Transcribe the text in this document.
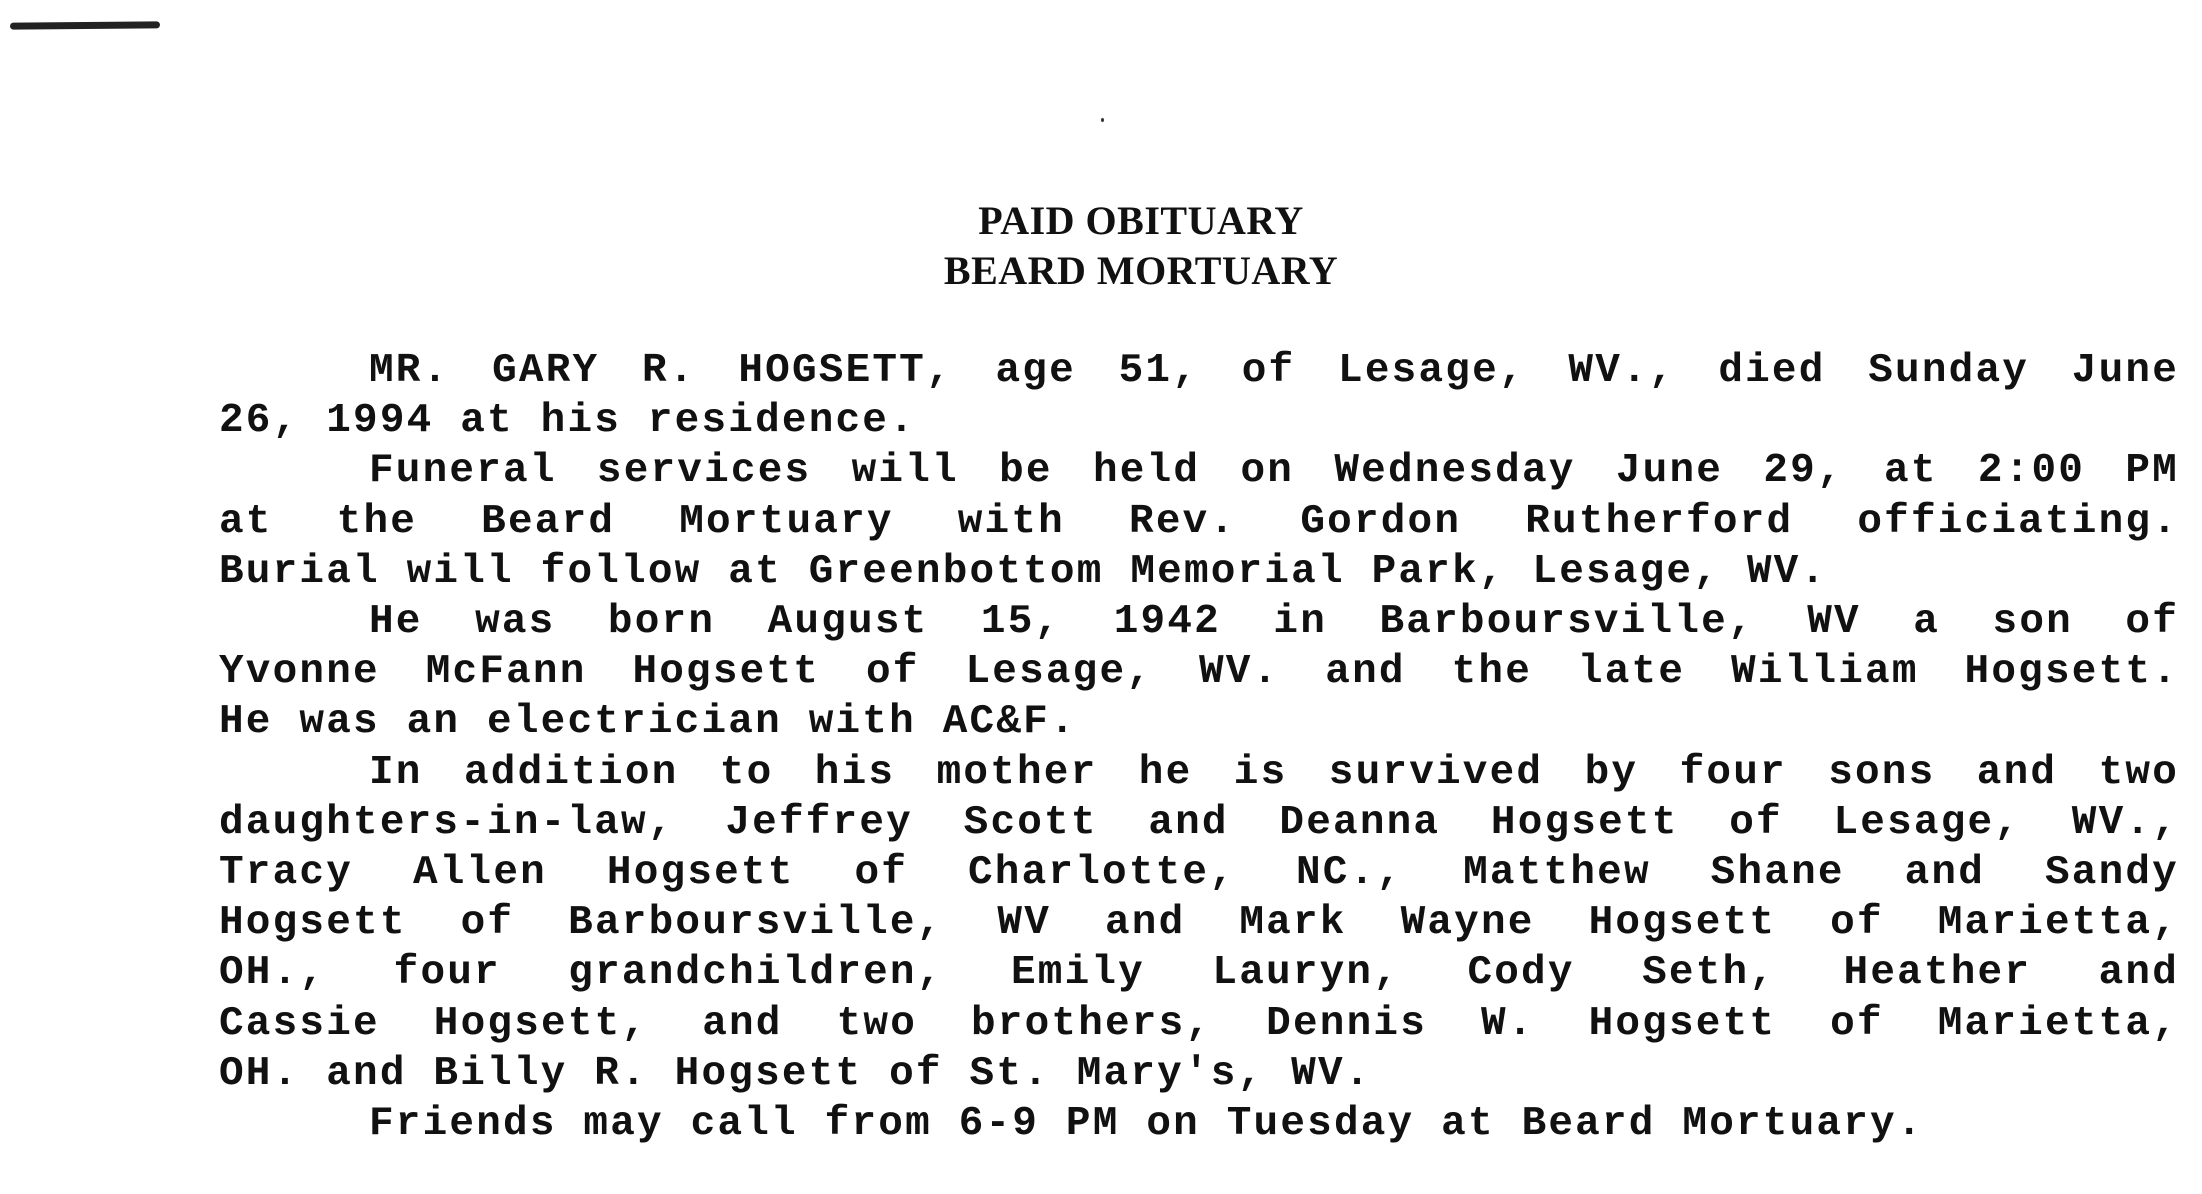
PAID OBITUARY
BEARD MORTUARY
MR. GARY R. HOGSETT, age 51, of Lesage, WV., died Sunday June
26, 1994 at his residence.
Funeral services will be held on Wednesday June 29, at 2:00 PM
at the Beard Mortuary with Rev. Gordon Rutherford officiating.
Burial will follow at Greenbottom Memorial Park, Lesage, WV.
He was born August 15, 1942 in Barboursville, WV a son of
Yvonne McFann Hogsett of Lesage, WV. and the late William Hogsett.
He was an electrician with AC&F.
In addition to his mother he is survived by four sons and two
daughters-in-law, Jeffrey Scott and Deanna Hogsett of Lesage, WV.,
Tracy Allen Hogsett of Charlotte, NC., Matthew Shane and Sandy
Hogsett of Barboursville, WV and Mark Wayne Hogsett of Marietta,
OH., four grandchildren, Emily Lauryn, Cody Seth, Heather and
Cassie Hogsett, and two brothers, Dennis W. Hogsett of Marietta,
OH. and Billy R. Hogsett of St. Mary's, WV.
Friends may call from 6-9 PM on Tuesday at Beard Mortuary.
